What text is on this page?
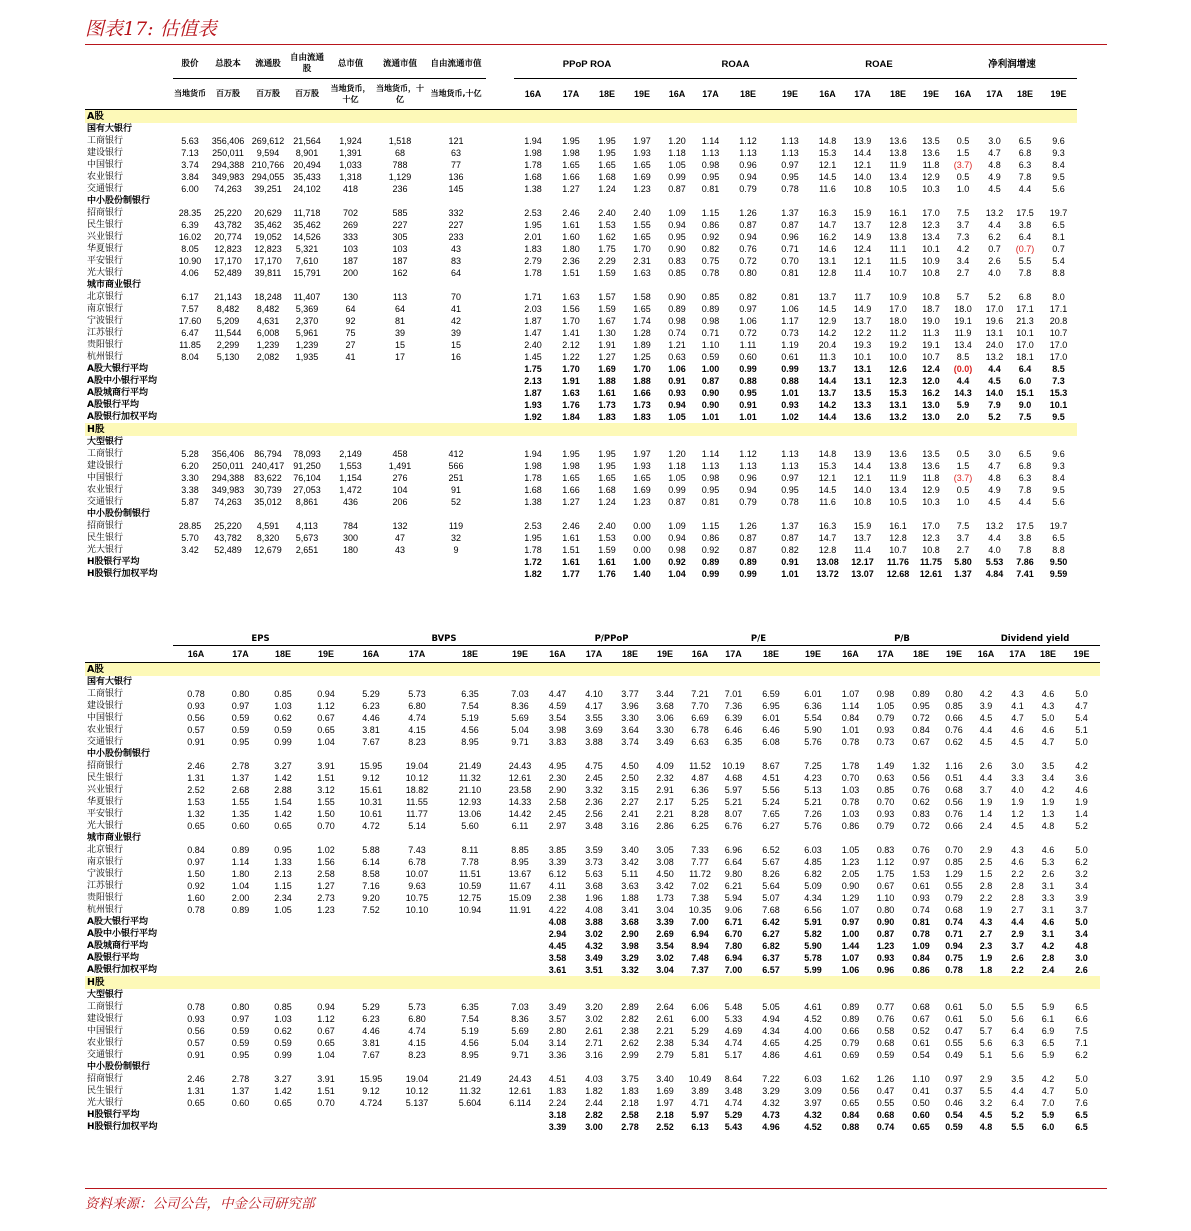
图表17: 估值表
	股价	总股本	流通股	自由流通股	总市值	流通市值	自由流通市值		PPoP ROA				ROAA				ROAE				净利润增速			
	当地货币	百万股	百万股	百万股	当地货币，十亿	当地货币，十亿	当地货币,十亿		16A	17A	18E	19E	16A	17A	18E	19E	16A	17A	18E	19E	16A	17A	18E	19E
A股																								
国有大银行																								
工商银行	5.63	356,406	269,612	21,564	1,924	1,518	121		1.94	1.95	1.95	1.97	1.20	1.14	1.12	1.13	14.8	13.9	13.6	13.5	0.5	3.0	6.5	9.6
建设银行	7.13	250,011	9,594	8,901	1,391	68	63		1.98	1.98	1.95	1.93	1.18	1.13	1.13	1.13	15.3	14.4	13.8	13.6	1.5	4.7	6.8	9.3
中国银行	3.74	294,388	210,766	20,494	1,033	788	77		1.78	1.65	1.65	1.65	1.05	0.98	0.96	0.97	12.1	12.1	11.9	11.8	(3.7)	4.8	6.3	8.4
农业银行	3.84	349,983	294,055	35,433	1,318	1,129	136		1.68	1.66	1.68	1.69	0.99	0.95	0.94	0.95	14.5	14.0	13.4	12.9	0.5	4.9	7.8	9.5
交通银行	6.00	74,263	39,251	24,102	418	236	145		1.38	1.27	1.24	1.23	0.87	0.81	0.79	0.78	11.6	10.8	10.5	10.3	1.0	4.5	4.4	5.6
中小股份制银行																								
招商银行	28.35	25,220	20,629	11,718	702	585	332		2.53	2.46	2.40	2.40	1.09	1.15	1.26	1.37	16.3	15.9	16.1	17.0	7.5	13.2	17.5	19.7
民生银行	6.39	43,782	35,462	35,462	269	227	227		1.95	1.61	1.53	1.55	0.94	0.86	0.87	0.87	14.7	13.7	12.8	12.3	3.7	4.4	3.8	6.5
兴业银行	16.02	20,774	19,052	14,526	333	305	233		2.01	1.60	1.62	1.65	0.95	0.92	0.94	0.96	16.2	14.9	13.8	13.4	7.3	6.2	6.4	8.1
华夏银行	8.05	12,823	12,823	5,321	103	103	43		1.83	1.80	1.75	1.70	0.90	0.82	0.76	0.71	14.6	12.4	11.1	10.1	4.2	0.7	(0.7)	0.7
平安银行	10.90	17,170	17,170	7,610	187	187	83		2.79	2.36	2.29	2.31	0.83	0.75	0.72	0.70	13.1	12.1	11.5	10.9	3.4	2.6	5.5	5.4
光大银行	4.06	52,489	39,811	15,791	200	162	64		1.78	1.51	1.59	1.63	0.85	0.78	0.80	0.81	12.8	11.4	10.7	10.8	2.7	4.0	7.8	8.8
城市商业银行																								
北京银行	6.17	21,143	18,248	11,407	130	113	70		1.71	1.63	1.57	1.58	0.90	0.85	0.82	0.81	13.7	11.7	10.9	10.8	5.7	5.2	6.8	8.0
南京银行	7.57	8,482	8,482	5,369	64	64	41		2.03	1.56	1.59	1.65	0.89	0.89	0.97	1.06	14.5	14.9	17.0	18.7	18.0	17.0	17.1	17.1
宁波银行	17.60	5,209	4,631	2,370	92	81	42		1.87	1.70	1.67	1.74	0.98	0.98	1.06	1.17	12.9	13.7	18.0	19.0	19.1	19.6	21.3	20.8
江苏银行	6.47	11,544	6,008	5,961	75	39	39		1.47	1.41	1.30	1.28	0.74	0.71	0.72	0.73	14.2	12.2	11.2	11.3	11.9	13.1	10.1	10.7
贵阳银行	11.85	2,299	1,239	1,239	27	15	15		2.40	2.12	1.91	1.89	1.21	1.10	1.11	1.19	20.4	19.3	19.2	19.1	13.4	24.0	17.0	17.0
杭州银行	8.04	5,130	2,082	1,935	41	17	16		1.45	1.22	1.27	1.25	0.63	0.59	0.60	0.61	11.3	10.1	10.0	10.7	8.5	13.2	18.1	17.0
A股大银行平均									1.75	1.70	1.69	1.70	1.06	1.00	0.99	0.99	13.7	13.1	12.6	12.4	(0.0)	4.4	6.4	8.5
A股中小银行平均									2.13	1.91	1.88	1.88	0.91	0.87	0.88	0.88	14.4	13.1	12.3	12.0	4.4	4.5	6.0	7.3
A股城商行平均									1.87	1.63	1.61	1.66	0.93	0.90	0.95	1.01	13.7	13.5	15.3	16.2	14.3	14.0	15.1	15.3
A股银行平均									1.93	1.76	1.73	1.73	0.94	0.90	0.91	0.93	14.2	13.3	13.1	13.0	5.9	7.9	9.0	10.1
A股银行加权平均									1.92	1.84	1.83	1.83	1.05	1.01	1.01	1.02	14.4	13.6	13.2	13.0	2.0	5.2	7.5	9.5
H股																								
大型银行																								
工商银行	5.28	356,406	86,794	78,093	2,149	458	412		1.94	1.95	1.95	1.97	1.20	1.14	1.12	1.13	14.8	13.9	13.6	13.5	0.5	3.0	6.5	9.6
建设银行	6.20	250,011	240,417	91,250	1,553	1,491	566		1.98	1.98	1.95	1.93	1.18	1.13	1.13	1.13	15.3	14.4	13.8	13.6	1.5	4.7	6.8	9.3
中国银行	3.30	294,388	83,622	76,104	1,154	276	251		1.78	1.65	1.65	1.65	1.05	0.98	0.96	0.97	12.1	12.1	11.9	11.8	(3.7)	4.8	6.3	8.4
农业银行	3.38	349,983	30,739	27,053	1,472	104	91		1.68	1.66	1.68	1.69	0.99	0.95	0.94	0.95	14.5	14.0	13.4	12.9	0.5	4.9	7.8	9.5
交通银行	5.87	74,263	35,012	8,861	436	206	52		1.38	1.27	1.24	1.23	0.87	0.81	0.79	0.78	11.6	10.8	10.5	10.3	1.0	4.5	4.4	5.6
中小股份制银行																								
招商银行	28.85	25,220	4,591	4,113	784	132	119		2.53	2.46	2.40	0.00	1.09	1.15	1.26	1.37	16.3	15.9	16.1	17.0	7.5	13.2	17.5	19.7
民生银行	5.70	43,782	8,320	5,673	300	47	32		1.95	1.61	1.53	0.00	0.94	0.86	0.87	0.87	14.7	13.7	12.8	12.3	3.7	4.4	3.8	6.5
光大银行	3.42	52,489	12,679	2,651	180	43	9		1.78	1.51	1.59	0.00	0.98	0.92	0.87	0.82	12.8	11.4	10.7	10.8	2.7	4.0	7.8	8.8
H股银行平均									1.72	1.61	1.61	1.00	0.92	0.89	0.89	0.91	13.08	12.17	11.76	11.75	5.80	5.53	7.86	9.50
H股银行加权平均									1.82	1.77	1.76	1.40	1.04	0.99	0.99	1.01	13.72	13.07	12.68	12.61	1.37	4.84	7.41	9.59
	EPS				BVPS				P/PPoP				P/E				P/B				Dividend yield			
	16A	17A	18E	19E	16A	17A	18E	19E	16A	17A	18E	19E	16A	17A	18E	19E	16A	17A	18E	19E	16A	17A	18E	19E
A股																								
国有大银行																								
工商银行	0.78	0.80	0.85	0.94	5.29	5.73	6.35	7.03	4.47	4.10	3.77	3.44	7.21	7.01	6.59	6.01	1.07	0.98	0.89	0.80	4.2	4.3	4.6	5.0
建设银行	0.93	0.97	1.03	1.12	6.23	6.80	7.54	8.36	4.59	4.17	3.96	3.68	7.70	7.36	6.95	6.36	1.14	1.05	0.95	0.85	3.9	4.1	4.3	4.7
中国银行	0.56	0.59	0.62	0.67	4.46	4.74	5.19	5.69	3.54	3.55	3.30	3.06	6.69	6.39	6.01	5.54	0.84	0.79	0.72	0.66	4.5	4.7	5.0	5.4
农业银行	0.57	0.59	0.59	0.65	3.81	4.15	4.56	5.04	3.98	3.69	3.64	3.30	6.78	6.46	6.46	5.90	1.01	0.93	0.84	0.76	4.4	4.6	4.6	5.1
交通银行	0.91	0.95	0.99	1.04	7.67	8.23	8.95	9.71	3.83	3.88	3.74	3.49	6.63	6.35	6.08	5.76	0.78	0.73	0.67	0.62	4.5	4.5	4.7	5.0
中小股份制银行																								
招商银行	2.46	2.78	3.27	3.91	15.95	19.04	21.49	24.43	4.95	4.75	4.50	4.09	11.52	10.19	8.67	7.25	1.78	1.49	1.32	1.16	2.6	3.0	3.5	4.2
民生银行	1.31	1.37	1.42	1.51	9.12	10.12	11.32	12.61	2.30	2.45	2.50	2.32	4.87	4.68	4.51	4.23	0.70	0.63	0.56	0.51	4.4	3.3	3.4	3.6
兴业银行	2.52	2.68	2.88	3.12	15.61	18.82	21.10	23.58	2.90	3.32	3.15	2.91	6.36	5.97	5.56	5.13	1.03	0.85	0.76	0.68	3.7	4.0	4.2	4.6
华夏银行	1.53	1.55	1.54	1.55	10.31	11.55	12.93	14.33	2.58	2.36	2.27	2.17	5.25	5.21	5.24	5.21	0.78	0.70	0.62	0.56	1.9	1.9	1.9	1.9
平安银行	1.32	1.35	1.42	1.50	10.61	11.77	13.06	14.42	2.45	2.56	2.41	2.21	8.28	8.07	7.65	7.26	1.03	0.93	0.83	0.76	1.4	1.2	1.3	1.4
光大银行	0.65	0.60	0.65	0.70	4.72	5.14	5.60	6.11	2.97	3.48	3.16	2.86	6.25	6.76	6.27	5.76	0.86	0.79	0.72	0.66	2.4	4.5	4.8	5.2
城市商业银行																								
北京银行	0.84	0.89	0.95	1.02	5.88	7.43	8.11	8.85	3.85	3.59	3.40	3.05	7.33	6.96	6.52	6.03	1.05	0.83	0.76	0.70	2.9	4.3	4.6	5.0
南京银行	0.97	1.14	1.33	1.56	6.14	6.78	7.78	8.95	3.39	3.73	3.42	3.08	7.77	6.64	5.67	4.85	1.23	1.12	0.97	0.85	2.5	4.6	5.3	6.2
宁波银行	1.50	1.80	2.13	2.58	8.58	10.07	11.51	13.67	6.12	5.63	5.11	4.50	11.72	9.80	8.26	6.82	2.05	1.75	1.53	1.29	1.5	2.2	2.6	3.2
江苏银行	0.92	1.04	1.15	1.27	7.16	9.63	10.59	11.67	4.11	3.68	3.63	3.42	7.02	6.21	5.64	5.09	0.90	0.67	0.61	0.55	2.8	2.8	3.1	3.4
贵阳银行	1.60	2.00	2.34	2.73	9.20	10.75	12.75	15.09	2.38	1.96	1.88	1.73	7.38	5.94	5.07	4.34	1.29	1.10	0.93	0.79	2.2	2.8	3.3	3.9
杭州银行	0.78	0.89	1.05	1.23	7.52	10.10	10.94	11.91	4.22	4.08	3.41	3.04	10.35	9.06	7.68	6.56	1.07	0.80	0.74	0.68	1.9	2.7	3.1	3.7
A股大银行平均									4.08	3.88	3.68	3.39	7.00	6.71	6.42	5.91	0.97	0.90	0.81	0.74	4.3	4.4	4.6	5.0
A股中小银行平均									2.94	3.02	2.90	2.69	6.94	6.70	6.27	5.82	1.00	0.87	0.78	0.71	2.7	2.9	3.1	3.4
A股城商行平均									4.45	4.32	3.98	3.54	8.94	7.80	6.82	5.90	1.44	1.23	1.09	0.94	2.3	3.7	4.2	4.8
A股银行平均									3.58	3.49	3.29	3.02	7.48	6.94	6.37	5.78	1.07	0.93	0.84	0.75	1.9	2.6	2.8	3.0
A股银行加权平均									3.61	3.51	3.32	3.04	7.37	7.00	6.57	5.99	1.06	0.96	0.86	0.78	1.8	2.2	2.4	2.6
H股																								
大型银行																								
工商银行	0.78	0.80	0.85	0.94	5.29	5.73	6.35	7.03	3.49	3.20	2.89	2.64	6.06	5.48	5.05	4.61	0.89	0.77	0.68	0.61	5.0	5.5	5.9	6.5
建设银行	0.93	0.97	1.03	1.12	6.23	6.80	7.54	8.36	3.57	3.02	2.82	2.61	6.00	5.33	4.94	4.52	0.89	0.76	0.67	0.61	5.0	5.6	6.1	6.6
中国银行	0.56	0.59	0.62	0.67	4.46	4.74	5.19	5.69	2.80	2.61	2.38	2.21	5.29	4.69	4.34	4.00	0.66	0.58	0.52	0.47	5.7	6.4	6.9	7.5
农业银行	0.57	0.59	0.59	0.65	3.81	4.15	4.56	5.04	3.14	2.71	2.62	2.38	5.34	4.74	4.65	4.25	0.79	0.68	0.61	0.55	5.6	6.3	6.5	7.1
交通银行	0.91	0.95	0.99	1.04	7.67	8.23	8.95	9.71	3.36	3.16	2.99	2.79	5.81	5.17	4.86	4.61	0.69	0.59	0.54	0.49	5.1	5.6	5.9	6.2
中小股份制银行																								
招商银行	2.46	2.78	3.27	3.91	15.95	19.04	21.49	24.43	4.51	4.03	3.75	3.40	10.49	8.64	7.22	6.03	1.62	1.26	1.10	0.97	2.9	3.5	4.2	5.0
民生银行	1.31	1.37	1.42	1.51	9.12	10.12	11.32	12.61	1.83	1.82	1.83	1.69	3.89	3.48	3.29	3.09	0.56	0.47	0.41	0.37	5.5	4.4	4.7	5.0
光大银行	0.65	0.60	0.65	0.70	4.724	5.137	5.604	6.114	2.24	2.44	2.18	1.97	4.71	4.74	4.32	3.97	0.65	0.55	0.50	0.46	3.2	6.4	7.0	7.6
H股银行平均									3.18	2.82	2.58	2.18	5.97	5.29	4.73	4.32	0.84	0.68	0.60	0.54	4.5	5.2	5.9	6.5
H股银行加权平均									3.39	3.00	2.78	2.52	6.13	5.43	4.96	4.52	0.88	0.74	0.65	0.59	4.8	5.5	6.0	6.5
资料来源：公司公告，中金公司研究部
